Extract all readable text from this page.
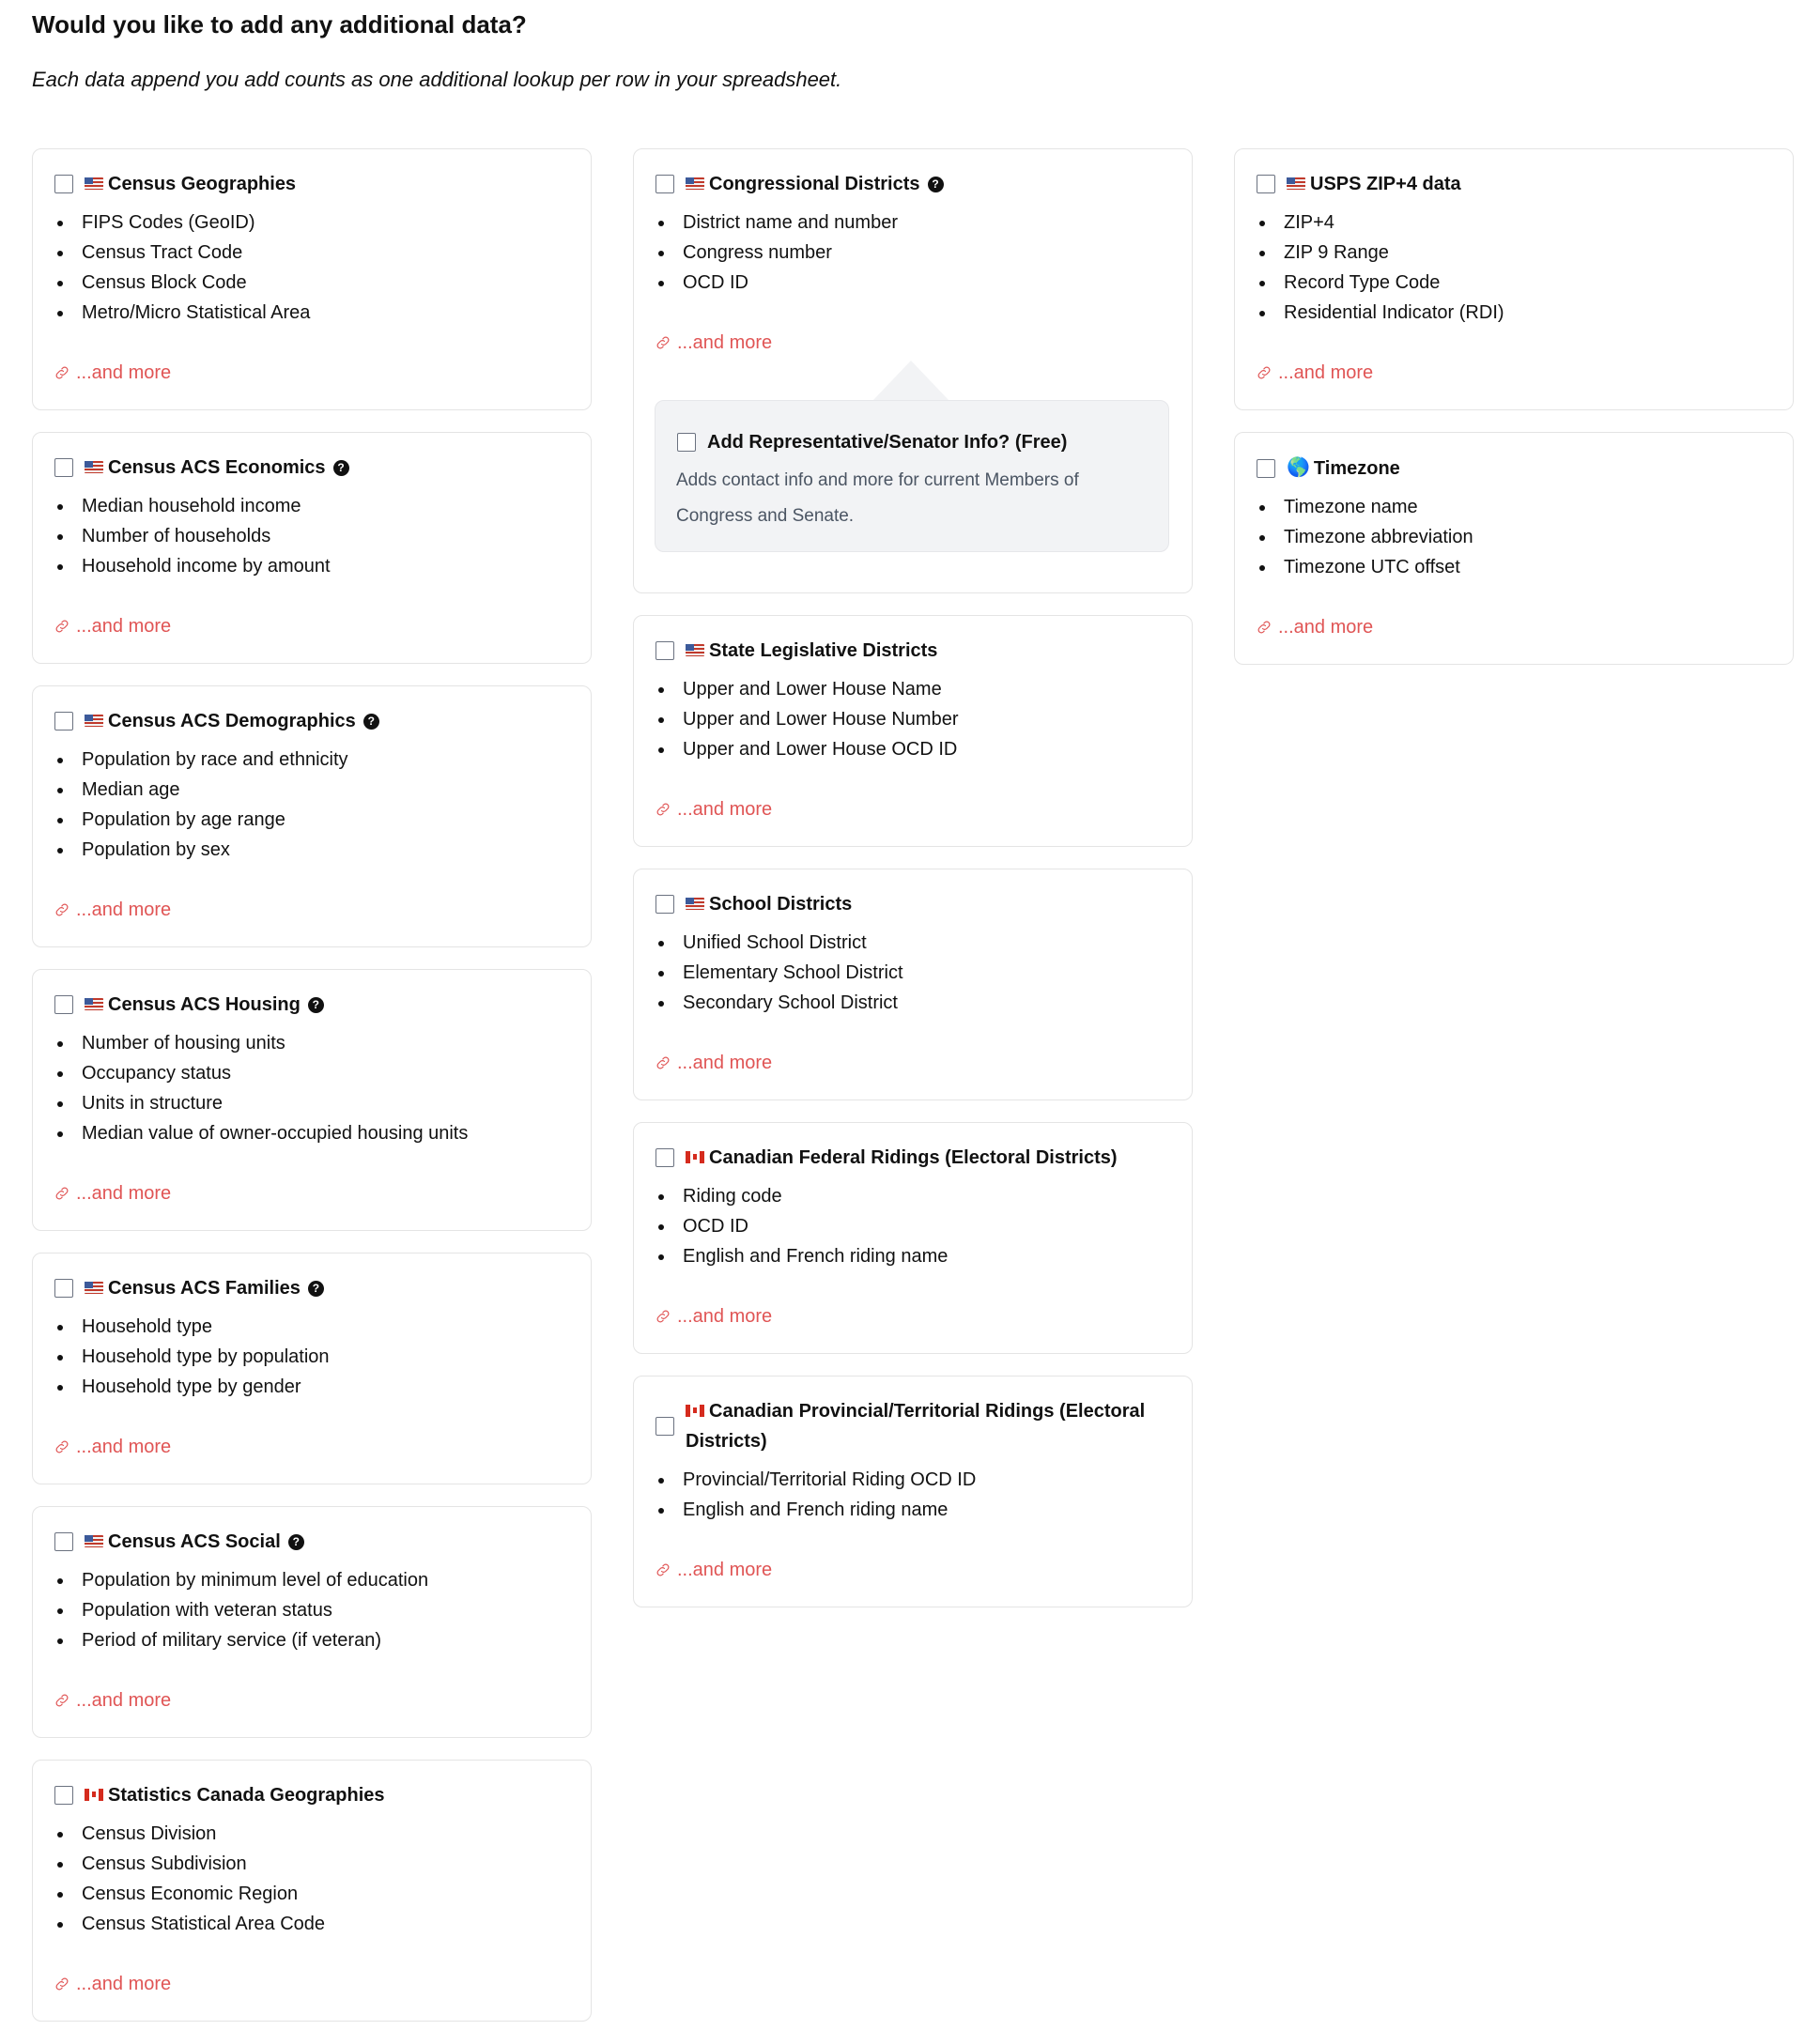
Would you like to add any additional data?

Each data append you add counts as one additional lookup per row in your spreadsheet.

Census Geographies
FIPS Codes (GeoID)
Census Tract Code
Census Block Code
Metro/Micro Statistical Area
...and more
Census ACS Economics ?
Median household income
Number of households
Household income by amount
...and more
Census ACS Demographics ?
Population by race and ethnicity
Median age
Population by age range
Population by sex
...and more
Census ACS Housing ?
Number of housing units
Occupancy status
Units in structure
Median value of owner-occupied housing units
...and more
Census ACS Families ?
Household type
Household type by population
Household type by gender
...and more
Census ACS Social ?
Population by minimum level of education
Population with veteran status
Period of military service (if veteran)
...and more
Statistics Canada Geographies
Census Division
Census Subdivision
Census Economic Region
Census Statistical Area Code
...and more
Congressional Districts ?
District name and number
Congress number
OCD ID
...and more
Add Representative/Senator Info? (Free)
Adds contact info and more for current Members of Congress and Senate.
State Legislative Districts
Upper and Lower House Name
Upper and Lower House Number
Upper and Lower House OCD ID
...and more
School Districts
Unified School District
Elementary School District
Secondary School District
...and more
Canadian Federal Ridings (Electoral Districts)
Riding code
OCD ID
English and French riding name
...and more
Canadian Provincial/Territorial Ridings (Electoral Districts)
Provincial/Territorial Riding OCD ID
English and French riding name
...and more
USPS ZIP+4 data
ZIP+4
ZIP 9 Range
Record Type Code
Residential Indicator (RDI)
...and more
🌎 Timezone
Timezone name
Timezone abbreviation
Timezone UTC offset
...and more
